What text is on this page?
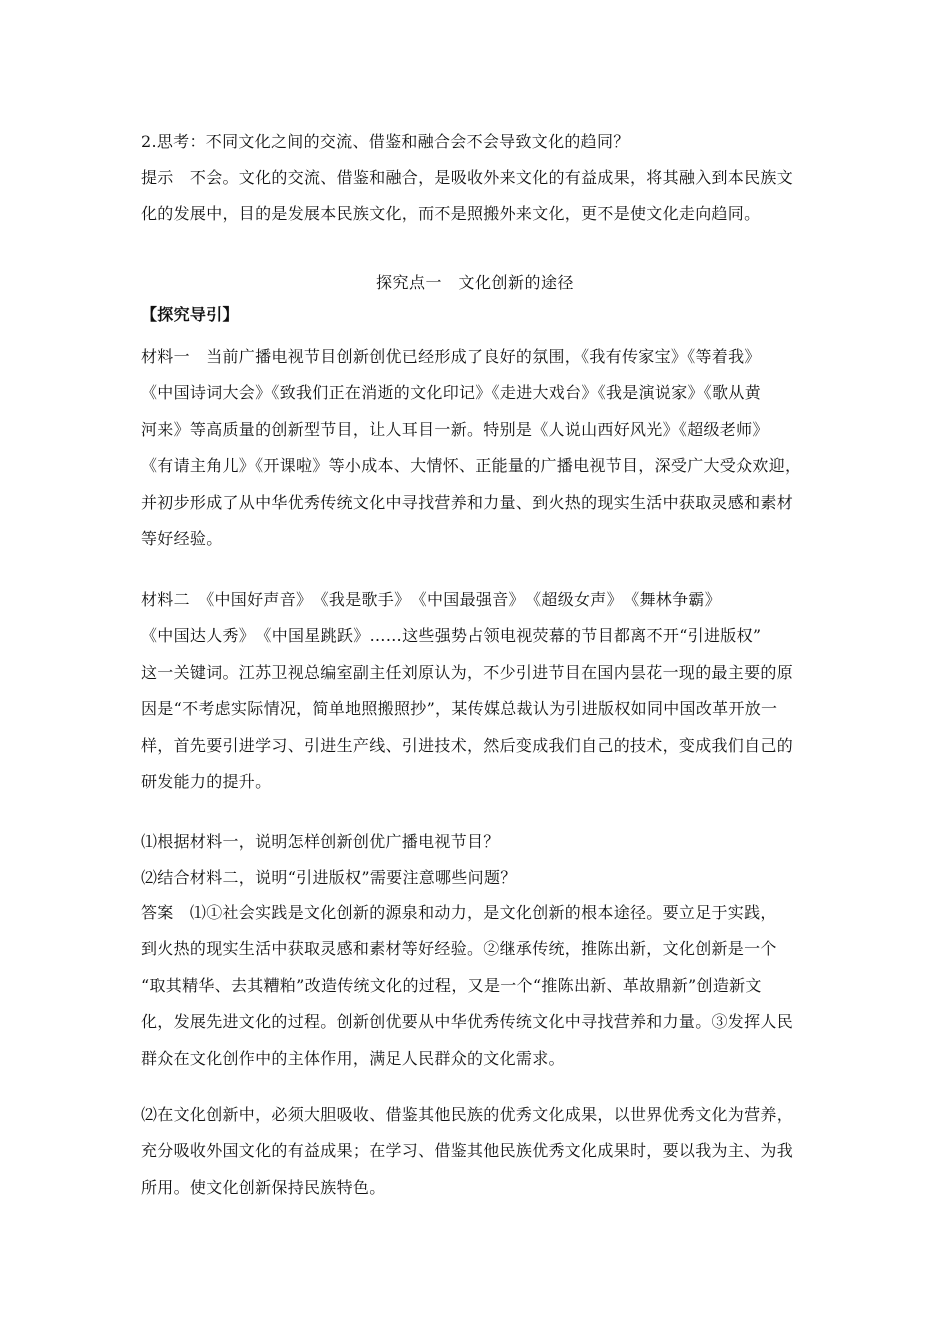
2.思考：不同文化之间的交流、借鉴和融合会不会导致文化的趋同？
提示　不会。文化的交流、借鉴和融合，是吸收外来文化的有益成果，将其融入到本民族文
化的发展中，目的是发展本民族文化，而不是照搬外来文化，更不是使文化走向趋同。
探究点一　文化创新的途径
【探究导引】
材料一　当前广播电视节目创新创优已经形成了良好的氛围，《我有传家宝》《等着我》
《中国诗词大会》《致我们正在消逝的文化印记》《走进大戏台》《我是演说家》《歌从黄
河来》等高质量的创新型节目，让人耳目一新。特别是《人说山西好风光》《超级老师》
《有请主角儿》《开课啦》等小成本、大情怀、正能量的广播电视节目，深受广大受众欢迎，
并初步形成了从中华优秀传统文化中寻找营养和力量、到火热的现实生活中获取灵感和素材
等好经验。
材料二　《中国好声音》　《我是歌手》　《中国最强音》　《超级女声》　《舞林争霸》
《中国达人秀》　《中国星跳跃》……这些强势占领电视荧幕的节目都离不开“引进版权”
这一关键词。江苏卫视总编室副主任刘原认为，不少引进节目在国内昙花一现的最主要的原
因是“不考虑实际情况，简单地照搬照抄”，某传媒总裁认为引进版权如同中国改革开放一
样，首先要引进学习、引进生产线、引进技术，然后变成我们自己的技术，变成我们自己的
研发能力的提升。
⑴根据材料一，说明怎样创新创优广播电视节目？
⑵结合材料二，说明“引进版权”需要注意哪些问题？
答案　⑴①社会实践是文化创新的源泉和动力，是文化创新的根本途径。要立足于实践，
到火热的现实生活中获取灵感和素材等好经验。②继承传统，推陈出新，文化创新是一个
“取其精华、去其糟粕”改造传统文化的过程，又是一个“推陈出新、革故鼎新”创造新文
化，发展先进文化的过程。创新创优要从中华优秀传统文化中寻找营养和力量。③发挥人民
群众在文化创作中的主体作用，满足人民群众的文化需求。
⑵在文化创新中，必须大胆吸收、借鉴其他民族的优秀文化成果，以世界优秀文化为营养，
充分吸收外国文化的有益成果；在学习、借鉴其他民族优秀文化成果时，要以我为主、为我
所用。使文化创新保持民族特色。
